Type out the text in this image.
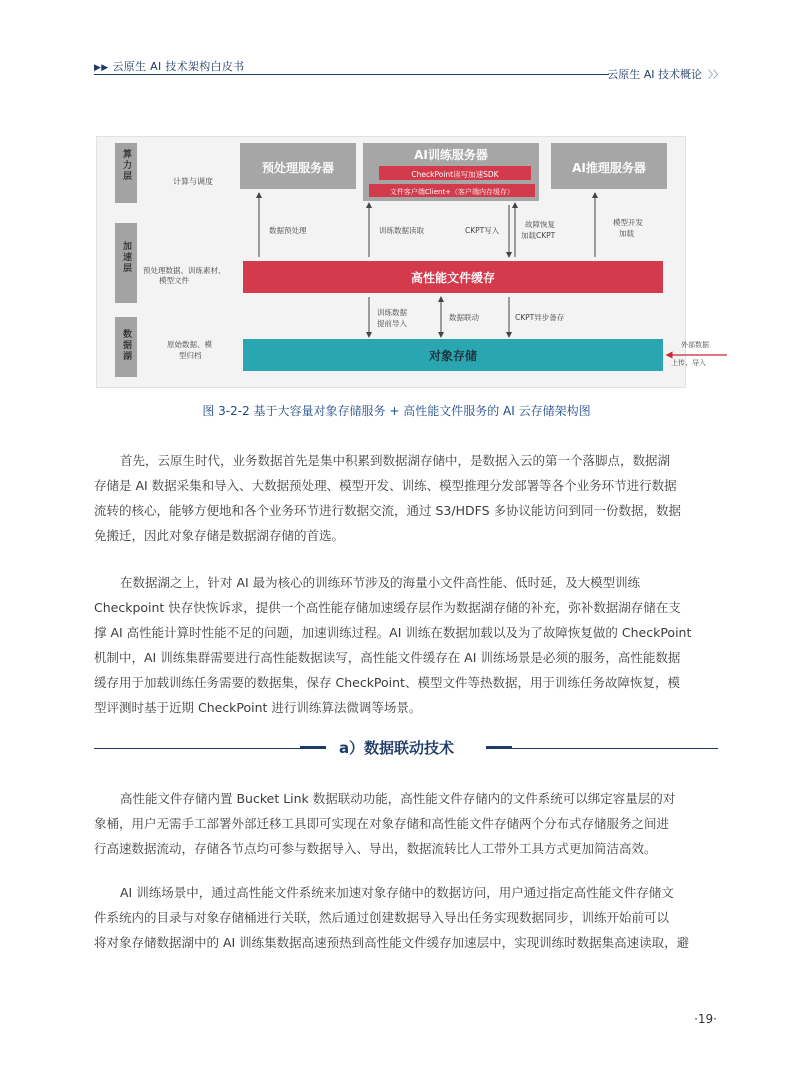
▶▶ 云原生 AI 技术架构白皮书
云原生 AI 技术概论 〉〉
算力层
加速层
数据湖
计算与调度
预处理数据、训练素材、
模型文件
原始数据、模
型归档
预处理服务器
AI训练服务器
CheckPoint读写加速SDK
文件客户端Client+（客户端内存缓存）
AI推理服务器
数据预处理	训练数据读取	CKPT写入
故障恢复
加载CKPT
模型开发
加载
高性能文件缓存
训练数据
提前导入
数据联动	CKPT异步备存
对象存储
外部数据
上传、导入
图 3-2-2 基于大容量对象存储服务 + 高性能文件服务的 AI 云存储架构图
首先，云原生时代，业务数据首先是集中积累到数据湖存储中，是数据入云的第一个落脚点，数据湖
存储是 AI 数据采集和导入、大数据预处理、模型开发、训练、模型推理分发部署等各个业务环节进行数据
流转的核心，能够方便地和各个业务环节进行数据交流，通过 S3/HDFS 多协议能访问到同一份数据，数据
免搬迁，因此对象存储是数据湖存储的首选。
在数据湖之上，针对 AI 最为核心的训练环节涉及的海量小文件高性能、低时延，及大模型训练
Checkpoint 快存快恢诉求，提供一个高性能存储加速缓存层作为数据湖存储的补充，弥补数据湖存储在支
撑 AI 高性能计算时性能不足的问题，加速训练过程。AI 训练在数据加载以及为了故障恢复做的 CheckPoint
机制中，AI 训练集群需要进行高性能数据读写，高性能文件缓存在 AI 训练场景是必须的服务，高性能数据
缓存用于加载训练任务需要的数据集，保存 CheckPoint、模型文件等热数据，用于训练任务故障恢复，模
型评测时基于近期 CheckPoint 进行训练算法微调等场景。
a）数据联动技术
高性能文件存储内置 Bucket Link 数据联动功能，高性能文件存储内的文件系统可以绑定容量层的对
象桶，用户无需手工部署外部迁移工具即可实现在对象存储和高性能文件存储两个分布式存储服务之间进
行高速数据流动，存储各节点均可参与数据导入、导出，数据流转比人工带外工具方式更加简洁高效。
AI 训练场景中，通过高性能文件系统来加速对象存储中的数据访问，用户通过指定高性能文件存储文
件系统内的目录与对象存储桶进行关联，然后通过创建数据导入导出任务实现数据同步，训练开始前可以
将对象存储数据湖中的 AI 训练集数据高速预热到高性能文件缓存加速层中，实现训练时数据集高速读取，避
·19·
